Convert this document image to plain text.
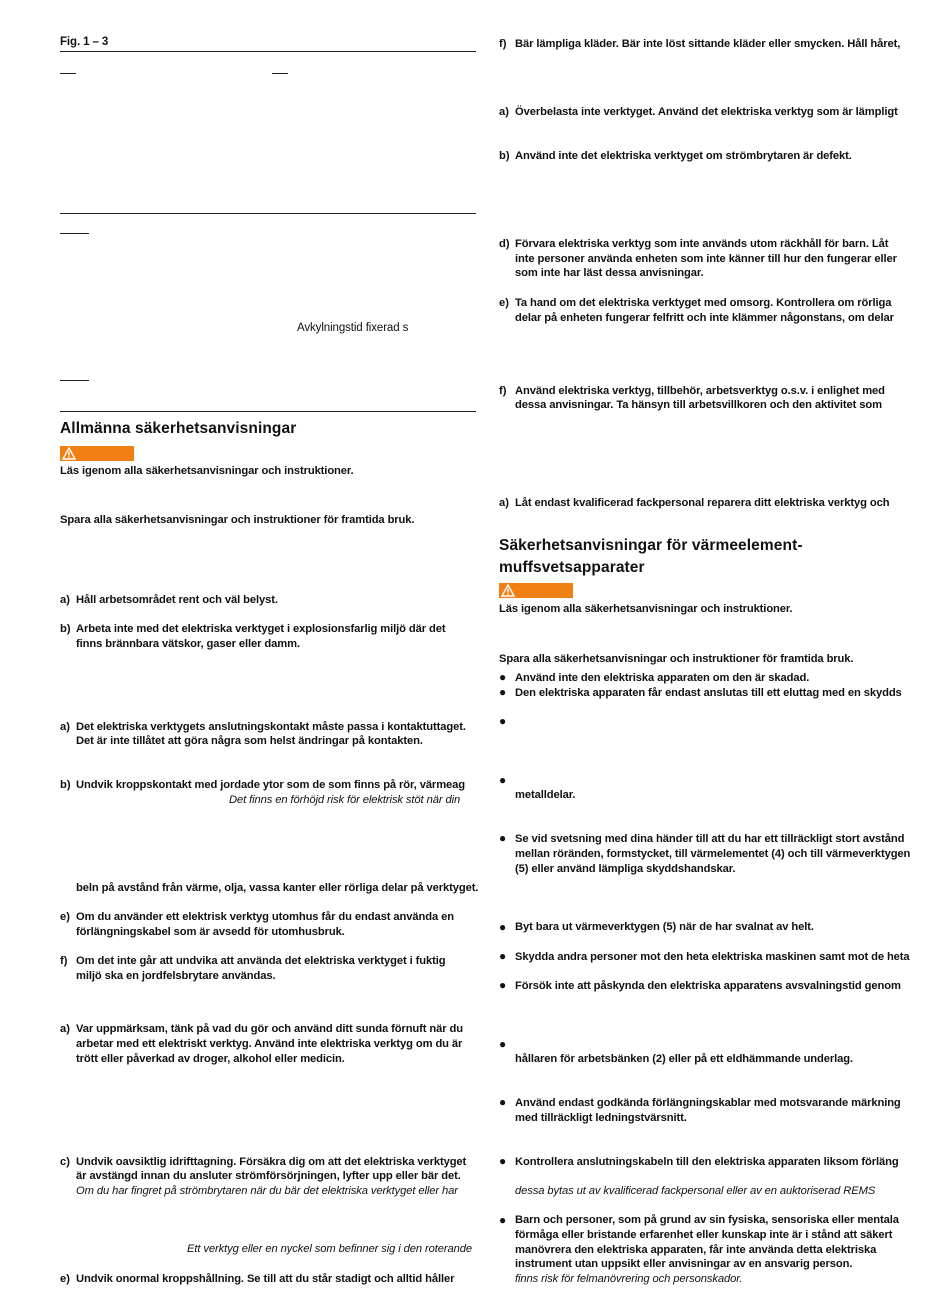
Fig. 1 – 3
Avkylningstid fixerad s
Allmänna säkerhetsanvisningar
Läs igenom alla säkerhetsanvisningar och instruktioner.
Spara alla säkerhetsanvisningar och instruktioner för framtida bruk.
a) Håll arbetsområdet rent och väl belyst.
b) Arbeta inte med det elektriska verktyget i explosionsfarlig miljö där det
finns brännbara vätskor, gaser eller damm.
a) Det elektriska verktygets anslutningskontakt måste passa i kontaktuttaget.
Det är inte tillåtet att göra några som helst ändringar på kontakten.
b) Undvik kroppskontakt med jordade ytor som de som finns på rör, värmeag
Det finns en förhöjd risk för elektrisk stöt när din
beln på avstånd från värme, olja, vassa kanter eller rörliga delar på verktyget.
e) Om du använder ett elektrisk verktyg utomhus får du endast använda en
förlängningskabel som är avsedd för utomhusbruk.
f) Om det inte går att undvika att använda det elektriska verktyget i fuktig
miljö ska en jordfelsbrytare användas.
a) Var uppmärksam, tänk på vad du gör och använd ditt sunda förnuft när du
arbetar med ett elektriskt verktyg. Använd inte elektriska verktyg om du är
trött eller påverkad av droger, alkohol eller medicin.
c) Undvik oavsiktlig idrifttagning. Försäkra dig om att det elektriska verktyget
är avstängd innan du ansluter strömförsörjningen, lyfter upp eller bär det.
Om du har fingret på strömbrytaren när du bär det elektriska verktyget eller har
Ett verktyg eller en nyckel som befinner sig i den roterande
e) Undvik onormal kroppshållning. Se till att du står stadigt och alltid håller
f) Bär lämpliga kläder. Bär inte löst sittande kläder eller smycken. Håll håret,
a) Överbelasta inte verktyget. Använd det elektriska verktyg som är lämpligt
b) Använd inte det elektriska verktyget om strömbrytaren är defekt.
d) Förvara elektriska verktyg som inte används utom räckhåll för barn. Låt
inte personer använda enheten som inte känner till hur den fungerar eller
som inte har läst dessa anvisningar.
e) Ta hand om det elektriska verktyget med omsorg. Kontrollera om rörliga
delar på enheten fungerar felfritt och inte klämmer någonstans, om delar
f) Använd elektriska verktyg, tillbehör, arbetsverktyg o.s.v. i enlighet med
dessa anvisningar. Ta hänsyn till arbetsvillkoren och den aktivitet som
a) Låt endast kvalificerad fackpersonal reparera ditt elektriska verktyg och
Säkerhetsanvisningar för värmeelement-
muffsvetsapparater
Läs igenom alla säkerhetsanvisningar och instruktioner.
Spara alla säkerhetsanvisningar och instruktioner för framtida bruk.
● Använd inte den elektriska apparaten om den är skadad.
● Den elektriska apparaten får endast anslutas till ett eluttag med en skydds
●
●
metalldelar.
● Se vid svetsning med dina händer till att du har ett tillräckligt stort avstånd
mellan röränden, formstycket, till värmelementet (4) och till värmeverktygen
(5) eller använd lämpliga skyddshandskar.
● Byt bara ut värmeverktygen (5) när de har svalnat av helt.
● Skydda andra personer mot den heta elektriska maskinen samt mot de heta
● Försök inte att påskynda den elektriska apparatens avsvalningstid genom
●
hållaren för arbetsbänken (2) eller på ett eldhämmande underlag.
● Använd endast godkända förlängningskablar med motsvarande märkning
med tillräckligt ledningstvärsnitt.
● Kontrollera anslutningskabeln till den elektriska apparaten liksom förläng
dessa bytas ut av kvalificerad fackpersonal eller av en auktoriserad REMS
● Barn och personer, som på grund av sin fysiska, sensoriska eller mentala
förmåga eller bristande erfarenhet eller kunskap inte är i stånd att säkert
manövrera den elektriska apparaten, får inte använda detta elektriska
instrument utan uppsikt eller anvisningar av en ansvarig person.
finns risk för felmanövrering och personskador.
